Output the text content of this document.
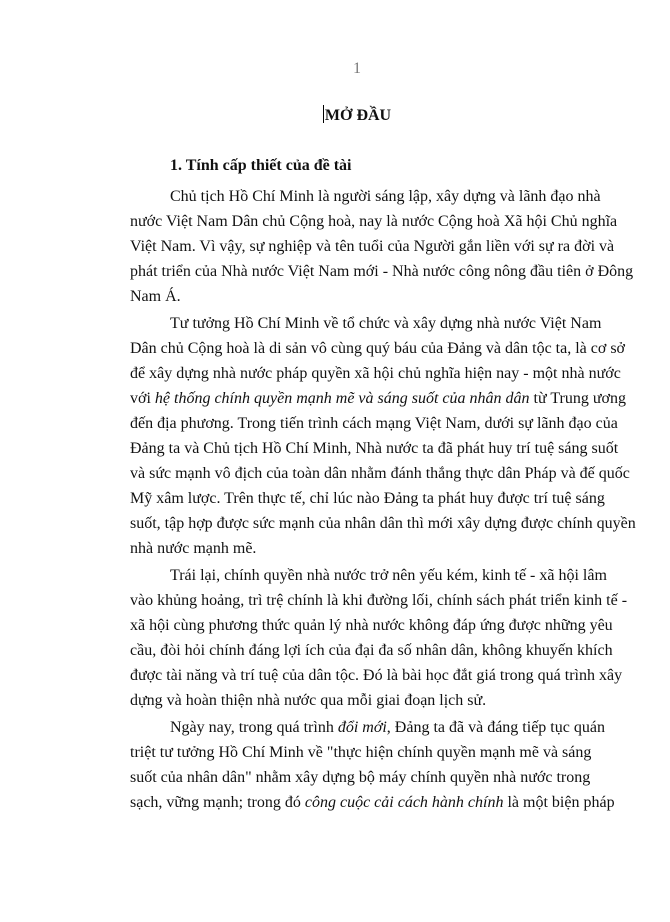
1
MỞ ĐẦU
1. Tính cấp thiết của đề tài
Chủ tịch Hồ Chí Minh là người sáng lập, xây dựng và lãnh đạo nhà
nước Việt Nam Dân chủ Cộng hoà, nay là nước Cộng hoà Xã hội Chủ nghĩa
Việt Nam. Vì vậy, sự nghiệp và tên tuổi của Người gắn liền với sự ra đời và
phát triển của Nhà nước Việt Nam mới - Nhà nước công nông đầu tiên ở Đông
Nam Á.
Tư tưởng Hồ Chí Minh về tổ chức và xây dựng nhà nước Việt Nam
Dân chủ Cộng hoà là di sản vô cùng quý báu của Đảng và dân tộc ta, là cơ sở
để xây dựng nhà nước pháp quyền xã hội chủ nghĩa hiện nay - một nhà nước
với hệ thống chính quyền mạnh mẽ và sáng suốt của nhân dân từ Trung ương
đến địa phương. Trong tiến trình cách mạng Việt Nam, dưới sự lãnh đạo của
Đảng ta và Chủ tịch Hồ Chí Minh, Nhà nước ta đã phát huy trí tuệ sáng suốt
và sức mạnh vô địch của toàn dân nhằm đánh thắng thực dân Pháp và đế quốc
Mỹ xâm lược. Trên thực tế, chỉ lúc nào Đảng ta phát huy được trí tuệ sáng
suốt, tập hợp được sức mạnh của nhân dân thì mới xây dựng được chính quyền
nhà nước mạnh mẽ.
Trái lại, chính quyền nhà nước trở nên yếu kém, kinh tế - xã hội lâm
vào khủng hoảng, trì trệ chính là khi đường lối, chính sách phát triển kinh tế -
xã hội cùng phương thức quản lý nhà nước không đáp ứng được những yêu
cầu, đòi hỏi chính đáng lợi ích của đại đa số nhân dân, không khuyến khích
được tài năng và trí tuệ của dân tộc. Đó là bài học đắt giá trong quá trình xây
dựng và hoàn thiện nhà nước qua mỗi giai đoạn lịch sử.
Ngày nay, trong quá trình đổi mới, Đảng ta đã và đáng tiếp tục quán
triệt tư tưởng Hồ Chí Minh về "thực hiện chính quyền mạnh mẽ và sáng
suốt của nhân dân" nhằm xây dựng bộ máy chính quyền nhà nước trong
sạch, vững mạnh; trong đó công cuộc cải cách hành chính là một biện pháp
